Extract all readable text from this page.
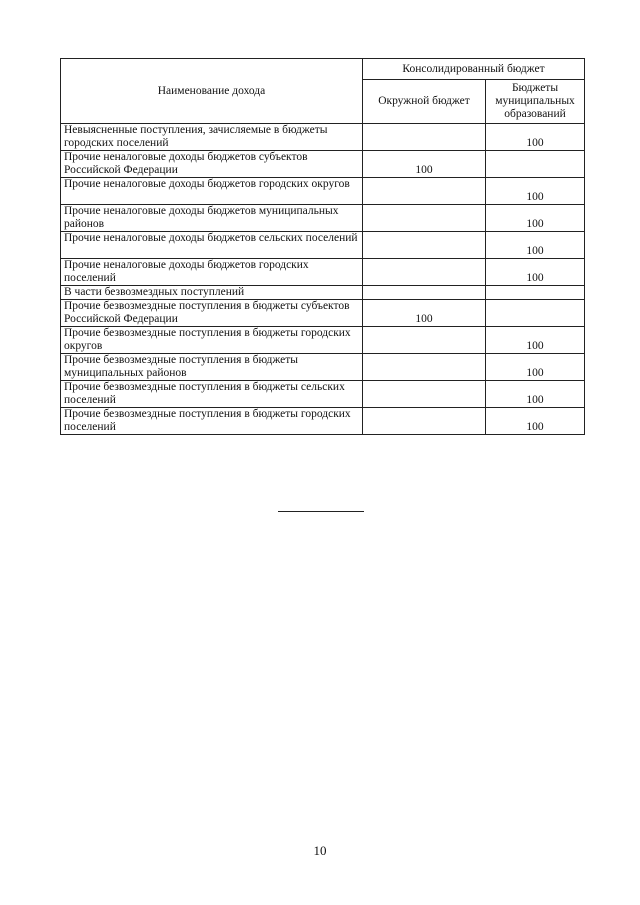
Наименование дохода	Консолидированный бюджет	
	Окружной бюджет	Бюджеты муниципальных образований
Невыясненные поступления, зачисляемые в бюджеты городских поселений		100
Прочие неналоговые доходы бюджетов субъектов Российской Федерации	100	
Прочие неналоговые доходы бюджетов городских округов		100
Прочие неналоговые доходы бюджетов муниципальных районов		100
Прочие неналоговые доходы бюджетов сельских поселений		100
Прочие неналоговые доходы бюджетов городских поселений		100
В части безвозмездных поступлений		
Прочие безвозмездные поступления в бюджеты субъектов Российской Федерации	100	
Прочие безвозмездные поступления в бюджеты городских округов		100
Прочие безвозмездные поступления в бюджеты муниципальных районов		100
Прочие безвозмездные поступления в бюджеты сельских поселений		100
Прочие безвозмездные поступления в бюджеты городских поселений		100
10
